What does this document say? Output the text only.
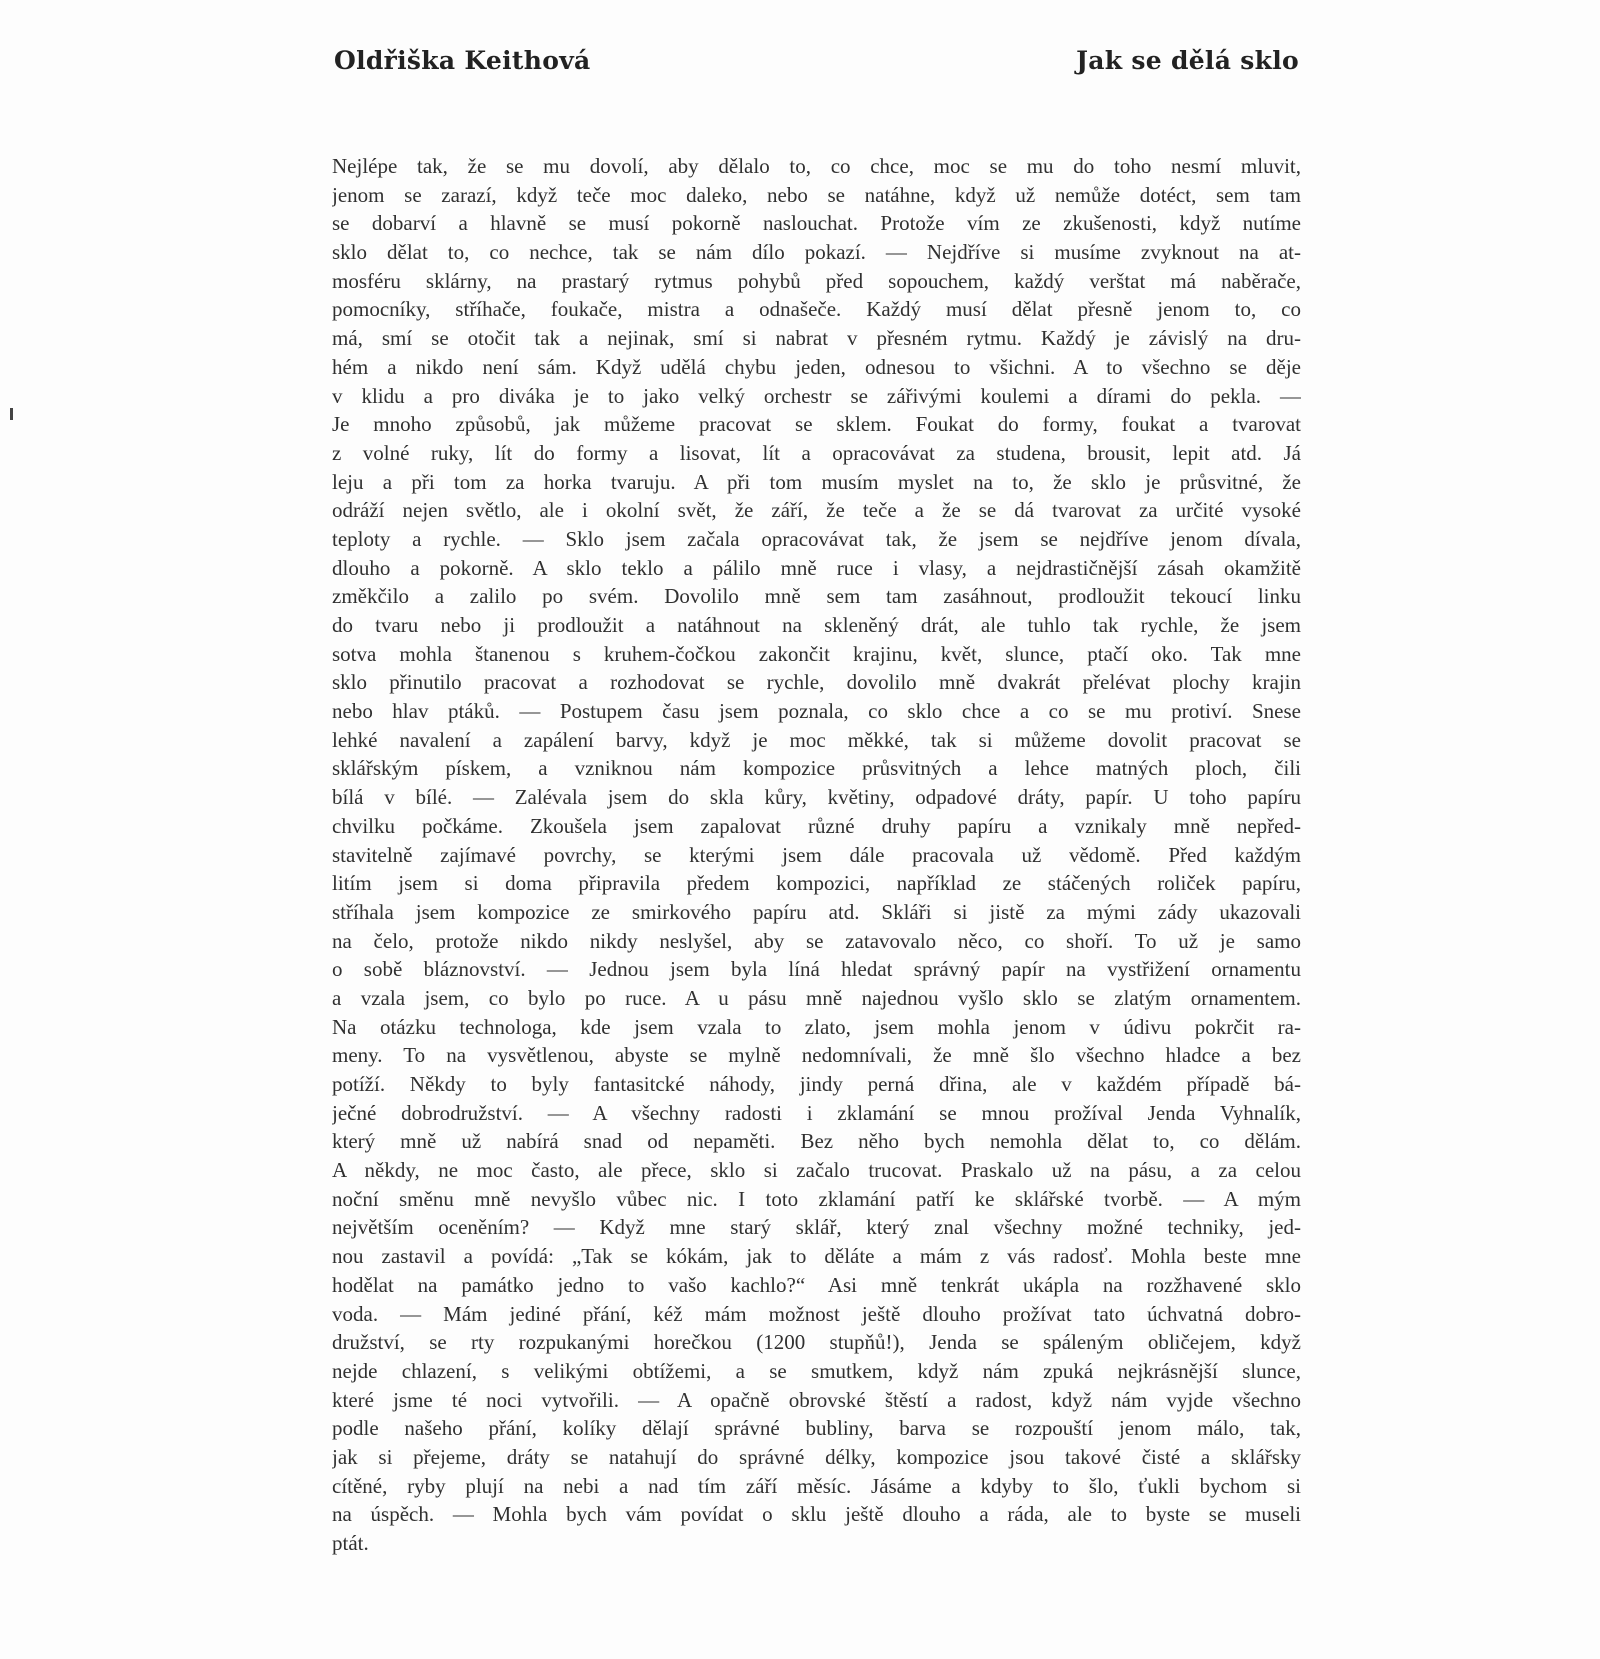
Oldřiška Keithová	Jak se dělá sklo
Nejlépe tak, že se mu dovolí, aby dělalo to, co chce, moc se mu do toho nesmí mluvit,
jenom se zarazí, když teče moc daleko, nebo se natáhne, když už nemůže dotéct, sem tam
se dobarví a hlavně se musí pokorně naslouchat. Protože vím ze zkušenosti, když nutíme
sklo dělat to, co nechce, tak se nám dílo pokazí. — Nejdříve si musíme zvyknout na at-
mosféru sklárny, na prastarý rytmus pohybů před sopouchem, každý verštat má naběrače,
pomocníky, stříhače, foukače, mistra a odnašeče. Každý musí dělat přesně jenom to, co
má, smí se otočit tak a nejinak, smí si nabrat v přesném rytmu. Každý je závislý na dru-
hém a nikdo není sám. Když udělá chybu jeden, odnesou to všichni. A to všechno se děje
v klidu a pro diváka je to jako velký orchestr se zářivými koulemi a dírami do pekla. —
Je mnoho způsobů, jak můžeme pracovat se sklem. Foukat do formy, foukat a tvarovat
z volné ruky, lít do formy a lisovat, lít a opracovávat za studena, brousit, lepit atd. Já
leju a při tom za horka tvaruju. A při tom musím myslet na to, že sklo je průsvitné, že
odráží nejen světlo, ale i okolní svět, že září, že teče a že se dá tvarovat za určité vysoké
teploty a rychle. — Sklo jsem začala opracovávat tak, že jsem se nejdříve jenom dívala,
dlouho a pokorně. A sklo teklo a pálilo mně ruce i vlasy, a nejdrastičnější zásah okamžitě
změkčilo a zalilo po svém. Dovolilo mně sem tam zasáhnout, prodloužit tekoucí linku
do tvaru nebo ji prodloužit a natáhnout na skleněný drát, ale tuhlo tak rychle, že jsem
sotva mohla štanenou s kruhem-čočkou zakončit krajinu, květ, slunce, ptačí oko. Tak mne
sklo přinutilo pracovat a rozhodovat se rychle, dovolilo mně dvakrát přelévat plochy krajin
nebo hlav ptáků. — Postupem času jsem poznala, co sklo chce a co se mu protiví. Snese
lehké navalení a zapálení barvy, když je moc měkké, tak si můžeme dovolit pracovat se
sklářským pískem, a vzniknou nám kompozice průsvitných a lehce matných ploch, čili
bílá v bílé. — Zalévala jsem do skla kůry, květiny, odpadové dráty, papír. U toho papíru
chvilku počkáme. Zkoušela jsem zapalovat různé druhy papíru a vznikaly mně nepřed-
stavitelně zajímavé povrchy, se kterými jsem dále pracovala už vědomě. Před každým
litím jsem si doma připravila předem kompozici, například ze stáčených roliček papíru,
stříhala jsem kompozice ze smirkového papíru atd. Skláři si jistě za mými zády ukazovali
na čelo, protože nikdo nikdy neslyšel, aby se zatavovalo něco, co shoří. To už je samo
o sobě bláznovství. — Jednou jsem byla líná hledat správný papír na vystřižení ornamentu
a vzala jsem, co bylo po ruce. A u pásu mně najednou vyšlo sklo se zlatým ornamentem.
Na otázku technologa, kde jsem vzala to zlato, jsem mohla jenom v údivu pokrčit ra-
meny. To na vysvětlenou, abyste se mylně nedomnívali, že mně šlo všechno hladce a bez
potíží. Někdy to byly fantasitcké náhody, jindy perná dřina, ale v každém případě bá-
ječné dobrodružství. — A všechny radosti i zklamání se mnou prožíval Jenda Vyhnalík,
který mně už nabírá snad od nepaměti. Bez něho bych nemohla dělat to, co dělám.
A někdy, ne moc často, ale přece, sklo si začalo trucovat. Praskalo už na pásu, a za celou
noční směnu mně nevyšlo vůbec nic. I toto zklamání patří ke sklářské tvorbě. — A mým
největším oceněním? — Když mne starý sklář, který znal všechny možné techniky, jed-
nou zastavil a povídá: „Tak se kókám, jak to děláte a mám z vás radosť. Mohla beste mne
hodělat na památko jedno to vašo kachlo?“ Asi mně tenkrát ukápla na rozžhavené sklo
voda. — Mám jediné přání, kéž mám možnost ještě dlouho prožívat tato úchvatná dobro-
družství, se rty rozpukanými horečkou (1200 stupňů!), Jenda se spáleným obličejem, když
nejde chlazení, s velikými obtížemi, a se smutkem, když nám zpuká nejkrásnější slunce,
které jsme té noci vytvořili. — A opačně obrovské štěstí a radost, když nám vyjde všechno
podle našeho přání, kolíky dělají správné bubliny, barva se rozpouští jenom málo, tak,
jak si přejeme, dráty se natahují do správné délky, kompozice jsou takové čisté a sklářsky
cítěné, ryby plují na nebi a nad tím září měsíc. Jásáme a kdyby to šlo, ťukli bychom si
na úspěch. — Mohla bych vám povídat o sklu ještě dlouho a ráda, ale to byste se museli
ptát.
